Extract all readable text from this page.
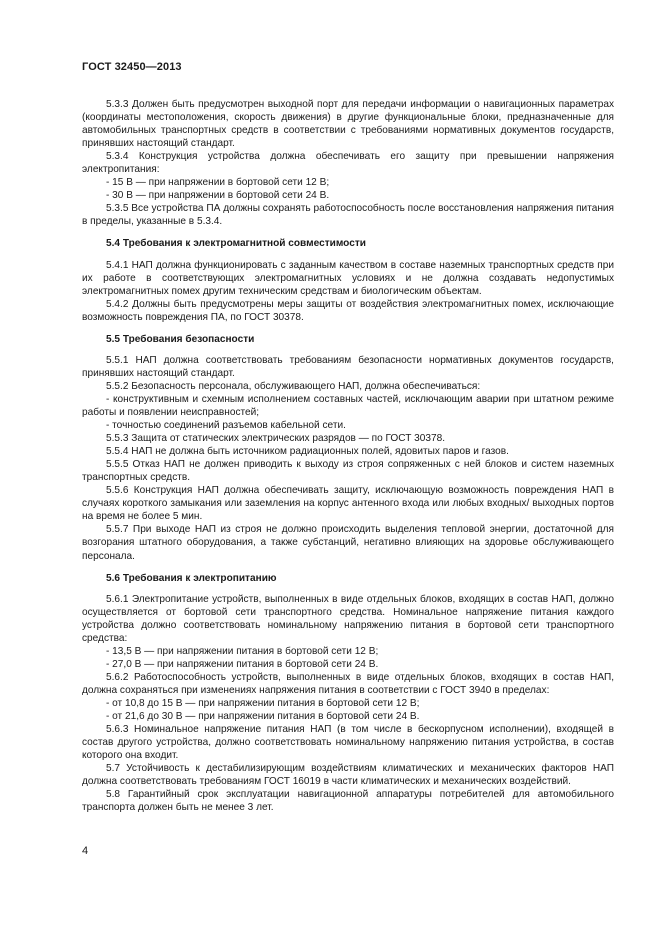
ГОСТ 32450—2013

5.3.3 Должен быть предусмотрен выходной порт для передачи информации о навигационных параметрах (координаты местоположения, скорость движения) в другие функциональные блоки, предназначенные для автомобильных транспортных средств в соответствии с требованиями нормативных документов государств, принявших настоящий стандарт.

5.3.4 Конструкция устройства должна обеспечивать его защиту при превышении напряжения электропитания:

- 15 В — при напряжении в бортовой сети 12 В;

- 30 В — при напряжении в бортовой сети 24 В.

5.3.5 Все устройства ПА должны сохранять работоспособность после восстановления напряжения питания в пределы, указанные в 5.3.4.

5.4 Требования к электромагнитной совместимости

5.4.1 НАП должна функционировать с заданным качеством в составе наземных транспортных средств при их работе в соответствующих электромагнитных условиях и не должна создавать недопустимых электромагнитных помех другим техническим средствам и биологическим объектам.

5.4.2 Должны быть предусмотрены меры защиты от воздействия электромагнитных помех, исключающие возможность повреждения ПА, по ГОСТ 30378.

5.5 Требования безопасности

5.5.1 НАП должна соответствовать требованиям безопасности нормативных документов государств, принявших настоящий стандарт.

5.5.2 Безопасность персонала, обслуживающего НАП, должна обеспечиваться:

- конструктивным и схемным исполнением составных частей, исключающим аварии при штатном режиме работы и появлении неисправностей;

- точностью соединений разъемов кабельной сети.

5.5.3 Защита от статических электрических разрядов — по ГОСТ 30378.

5.5.4 НАП не должна быть источником радиационных полей, ядовитых паров и газов.

5.5.5 Отказ НАП не должен приводить к выходу из строя сопряженных с ней блоков и систем наземных транспортных средств.

5.5.6 Конструкция НАП должна обеспечивать защиту, исключающую возможность повреждения НАП в случаях короткого замыкания или заземления на корпус антенного входа или любых входных/ выходных портов на время не более 5 мин.

5.5.7 При выходе НАП из строя не должно происходить выделения тепловой энергии, достаточной для возгорания штатного оборудования, а также субстанций, негативно влияющих на здоровье обслуживающего персонала.

5.6 Требования к электропитанию

5.6.1 Электропитание устройств, выполненных в виде отдельных блоков, входящих в состав НАП, должно осуществляется от бортовой сети транспортного средства. Номинальное напряжение питания каждого устройства должно соответствовать номинальному напряжению питания в бортовой сети транспортного средства:

- 13,5 В — при напряжении питания в бортовой сети 12 В;

- 27,0 В — при напряжении питания в бортовой сети 24 В.

5.6.2 Работоспособность устройств, выполненных в виде отдельных блоков, входящих в состав НАП, должна сохраняться при изменениях напряжения питания в соответствии с ГОСТ 3940 в пределах:

- от 10,8 до 15 В — при напряжении питания в бортовой сети 12 В;

- от 21,6 до 30 В — при напряжении питания в бортовой сети 24 В.

5.6.3 Номинальное напряжение питания НАП (в том числе в бескорпусном исполнении), входящей в состав другого устройства, должно соответствовать номинальному напряжению питания устройства, в состав которого она входит.

5.7 Устойчивость к дестабилизирующим воздействиям климатических и механических факторов НАП должна соответствовать требованиям ГОСТ 16019 в части климатических и механических воздействий.

5.8 Гарантийный срок эксплуатации навигационной аппаратуры потребителей для автомобильного транспорта должен быть не менее 3 лет.

4
